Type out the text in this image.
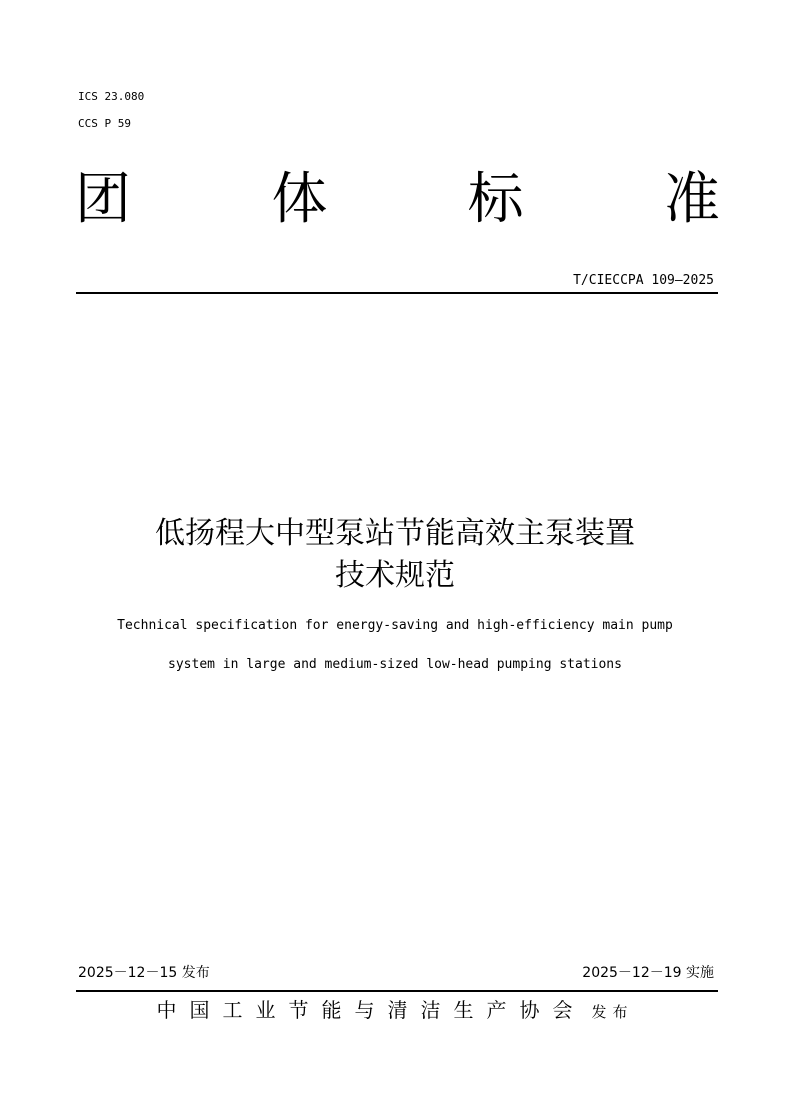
ICS 23.080
CCS P 59
团	体	标	准
T/CIECCPA 109—2025
低扬程大中型泵站节能高效主泵装置
技术规范
Technical specification for energy-saving and high-efficiency main pump
system in large and medium-sized low-head pumping stations
2025－12－15 发布	2025－12－19 实施
中国工业节能与清洁生产协会 发布
